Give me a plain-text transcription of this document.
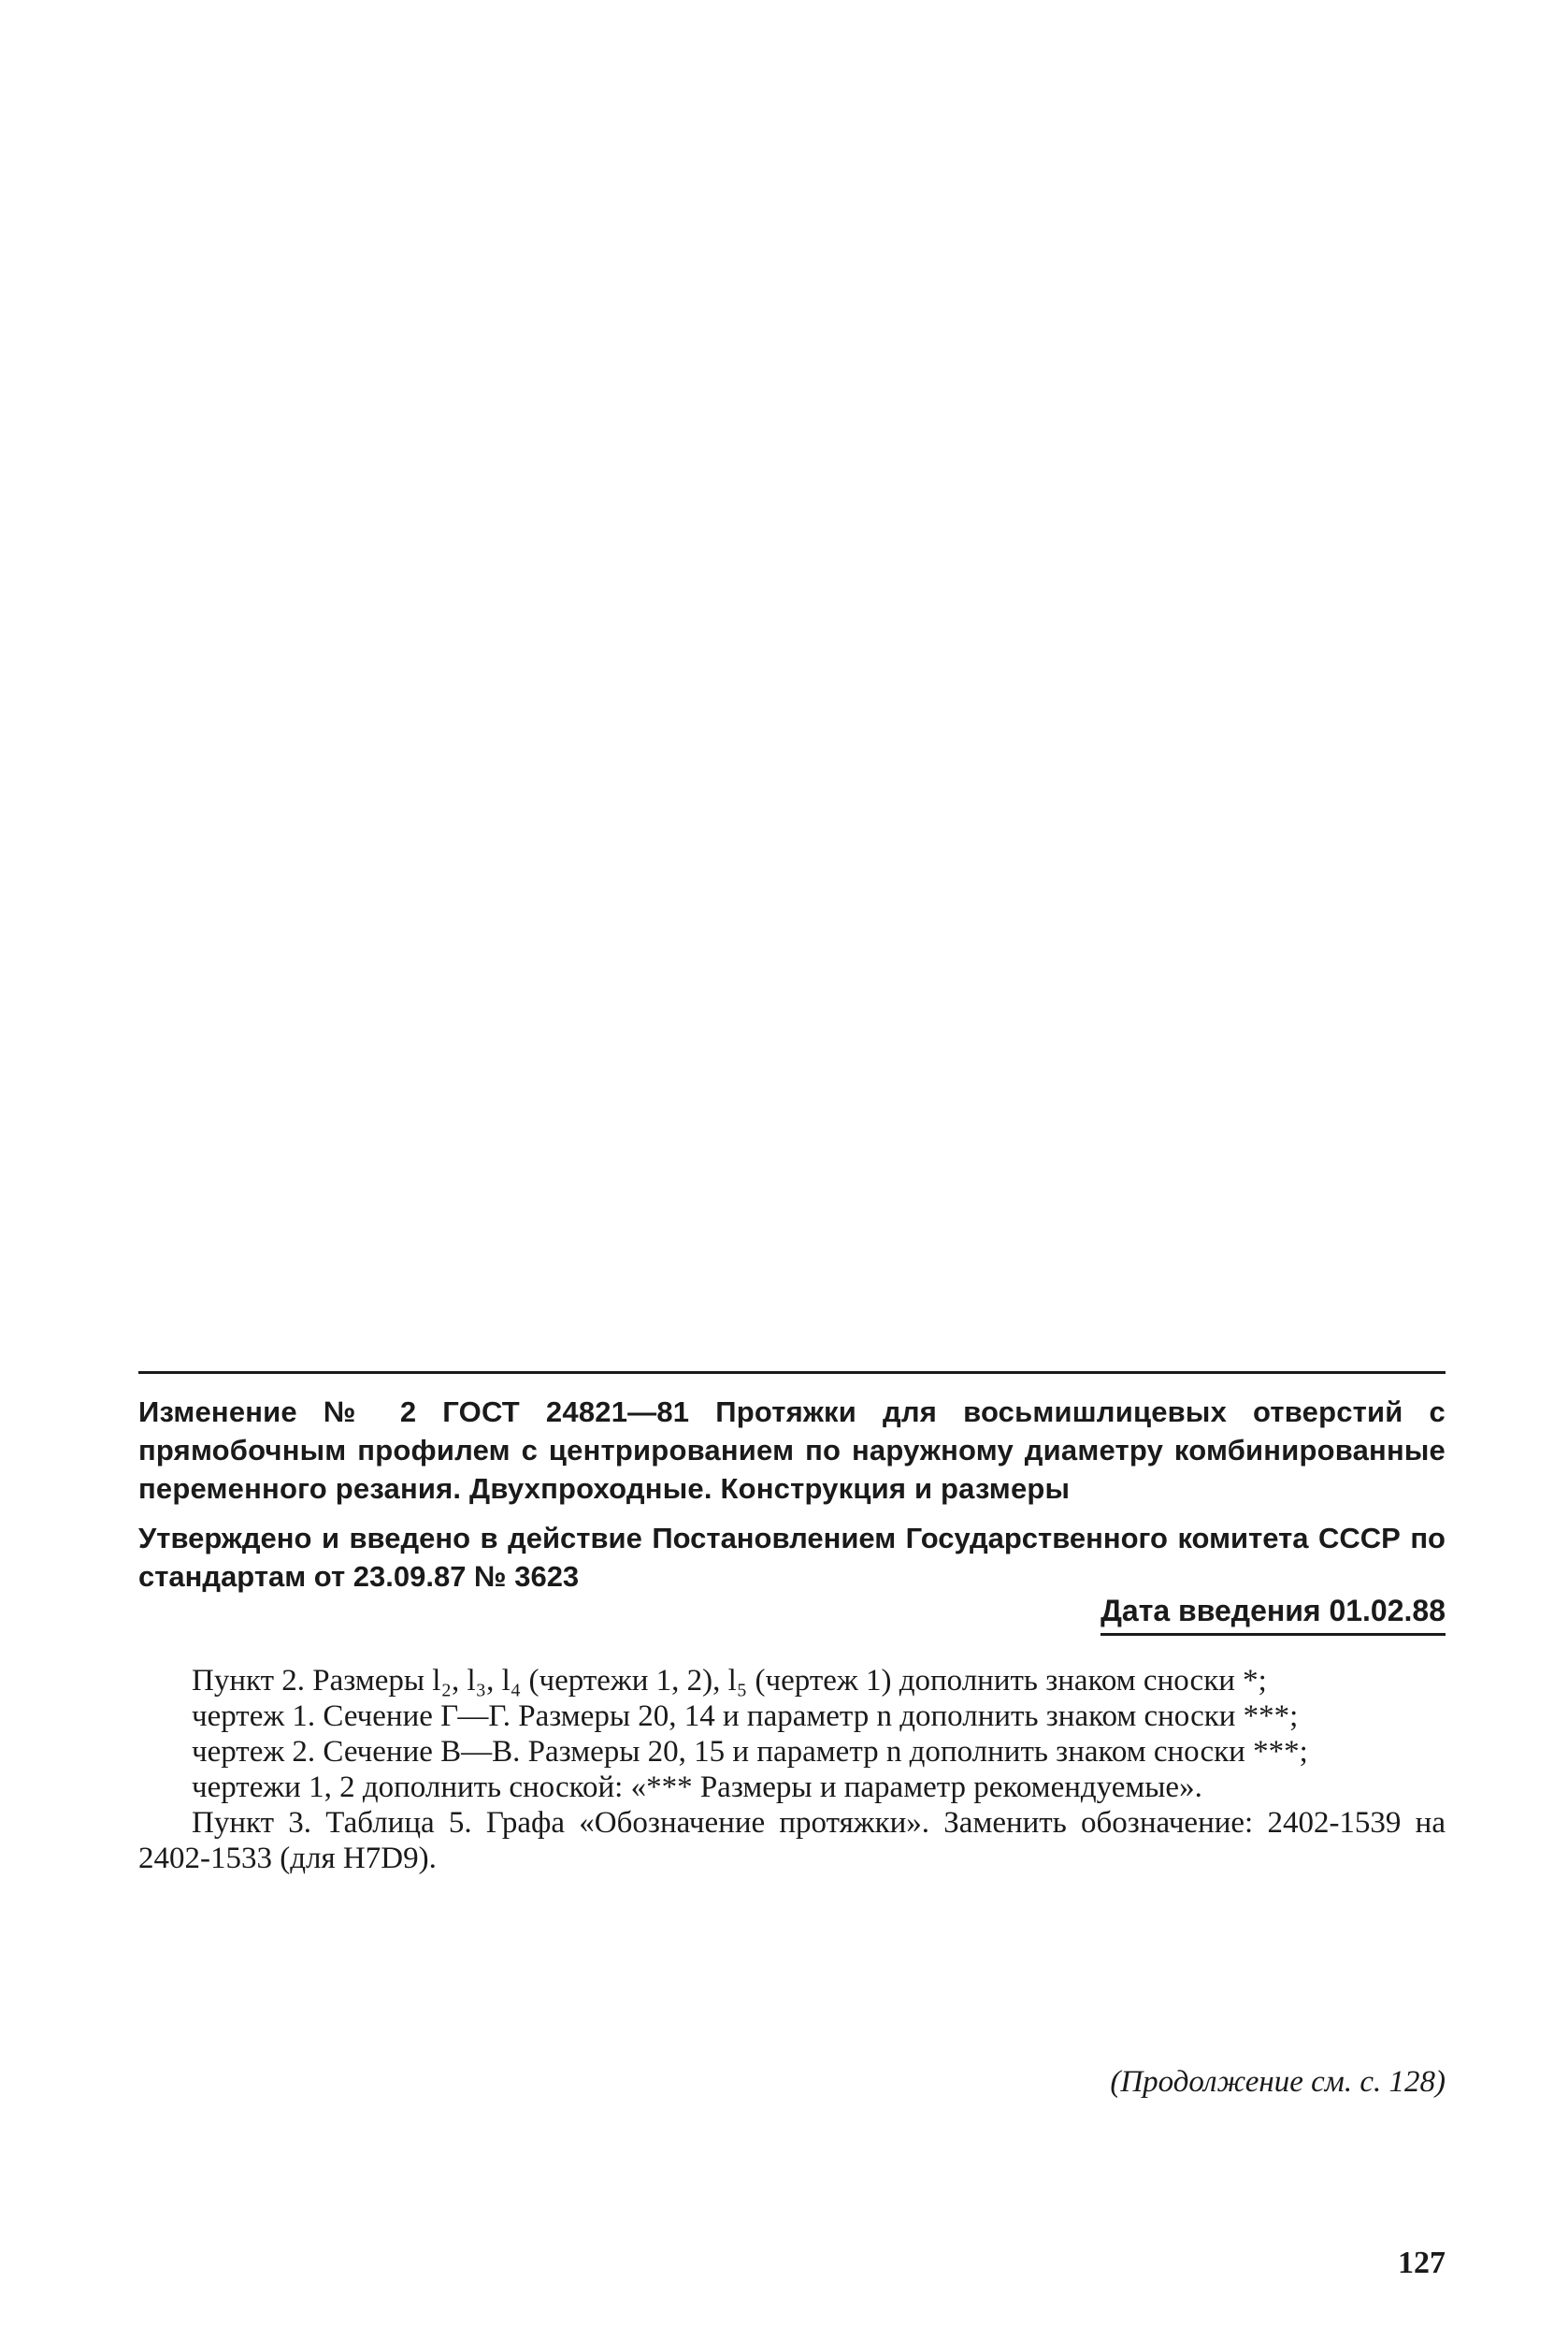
Изменение № 2 ГОСТ 24821—81 Протяжки для восьмишлицевых отверстий с прямобочным профилем с центрированием по наружному диаметру комбинированные переменного резания. Двухпроходные. Конструкция и размеры
Утверждено и введено в действие Постановлением Государственного комитета СССР по стандартам от 23.09.87 № 3623
Дата введения 01.02.88

Пункт 2. Размеры l₂, l₃, l₄ (чертежи 1, 2), l₅ (чертеж 1) дополнить знаком сноски *;

чертеж 1. Сечение Г—Г. Размеры 20, 14 и параметр n дополнить знаком сноски ***;

чертеж 2. Сечение В—В. Размеры 20, 15 и параметр n дополнить знаком сноски ***;

чертежи 1, 2 дополнить сноской: «*** Размеры и параметр рекомендуемые».

Пункт 3. Таблица 5. Графа «Обозначение протяжки». Заменить обозначение: 2402-1539 на 2402-1533 (для H7D9).

(Продолжение см. с. 128)
127
